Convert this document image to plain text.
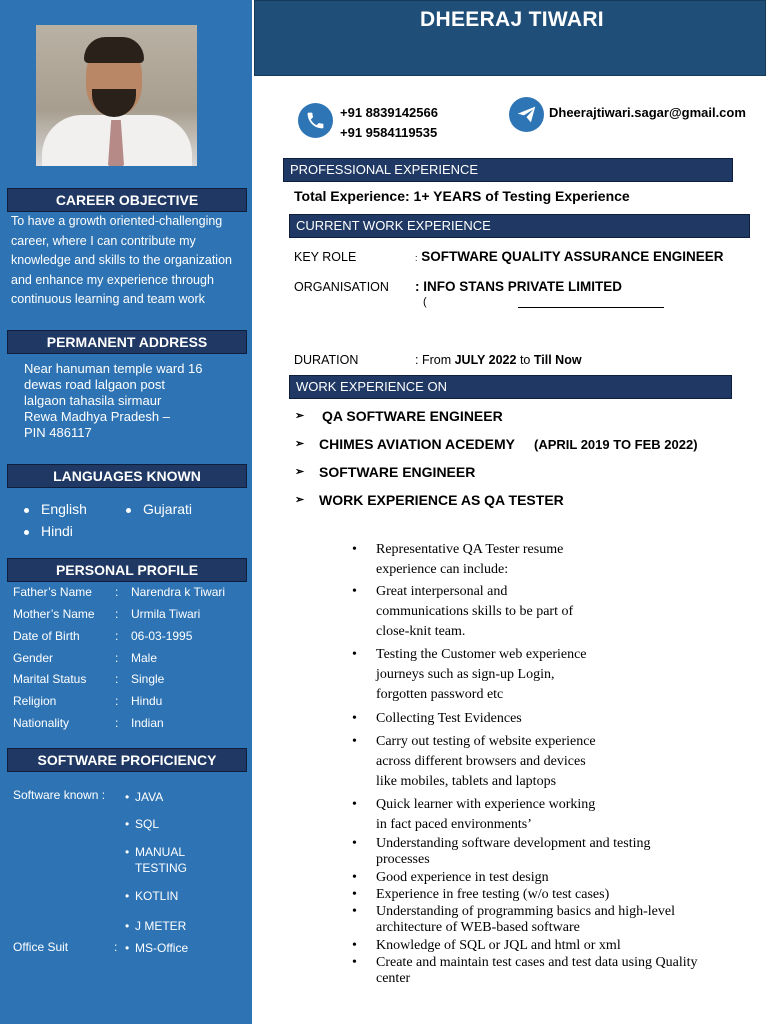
CAREER OBJECTIVE
To have a growth oriented-challenging
career, where I can contribute my
knowledge and skills to the organization
and enhance my experience through
continuous learning and team work
PERMANENT ADDRESS
Near hanuman temple ward 16
dewas road lalgaon post
lalgaon tahasila sirmaur
Rewa Madhya Pradesh –
PIN 486117
LANGUAGES KNOWN
English	Gujarati
Hindi
PERSONAL PROFILE
Father’s Name : Narendra k Tiwari
Mother’s Name : Urmila Tiwari
Date of Birth	: 06-03-1995
Gender	: Male
Marital Status : Single
Religion	: Hindu
Nationality	: Indian
SOFTWARE PROFICIENCY
Software known : • JAVA
• SQL
• MANUAL
TESTING
• KOTLIN
• J METER
Office Suit	: • MS-Office
DHEERAJ TIWARI
+91 8839142566
+91 9584119535
Dheerajtiwari.sagar@gmail.com
PROFESSIONAL EXPERIENCE
Total Experience: 1+ YEARS of Testing Experience
CURRENT WORK EXPERIENCE
KEY ROLE	: SOFTWARE QUALITY ASSURANCE ENGINEER
ORGANISATION : INFO STANS PRIVATE LIMITED
(
DURATION	: From JULY 2022 to Till Now
WORK EXPERIENCE ON
➢ QA SOFTWARE ENGINEER
➢ CHIMES AVIATION ACEDEMY (APRIL 2019 TO FEB 2022)
➢ SOFTWARE ENGINEER
➢ WORK EXPERIENCE AS QA TESTER
•	Representative QA Tester resume
experience can include:
•	Great interpersonal and
communications skills to be part of
close-knit team.
•	Testing the Customer web experience
journeys such as sign-up Login,
forgotten password etc
•	Collecting Test Evidences
•	Carry out testing of website experience
across different browsers and devices
like mobiles, tablets and laptops
•	Quick learner with experience working
in fact paced environments’
•	Understanding software development and testing
processes
•	Good experience in test design
•	Experience in free testing (w/o test cases)
•	Understanding of programming basics and high-level
architecture of WEB-based software
•	Knowledge of SQL or JQL and html or xml
•	Create and maintain test cases and test data using Quality
center
